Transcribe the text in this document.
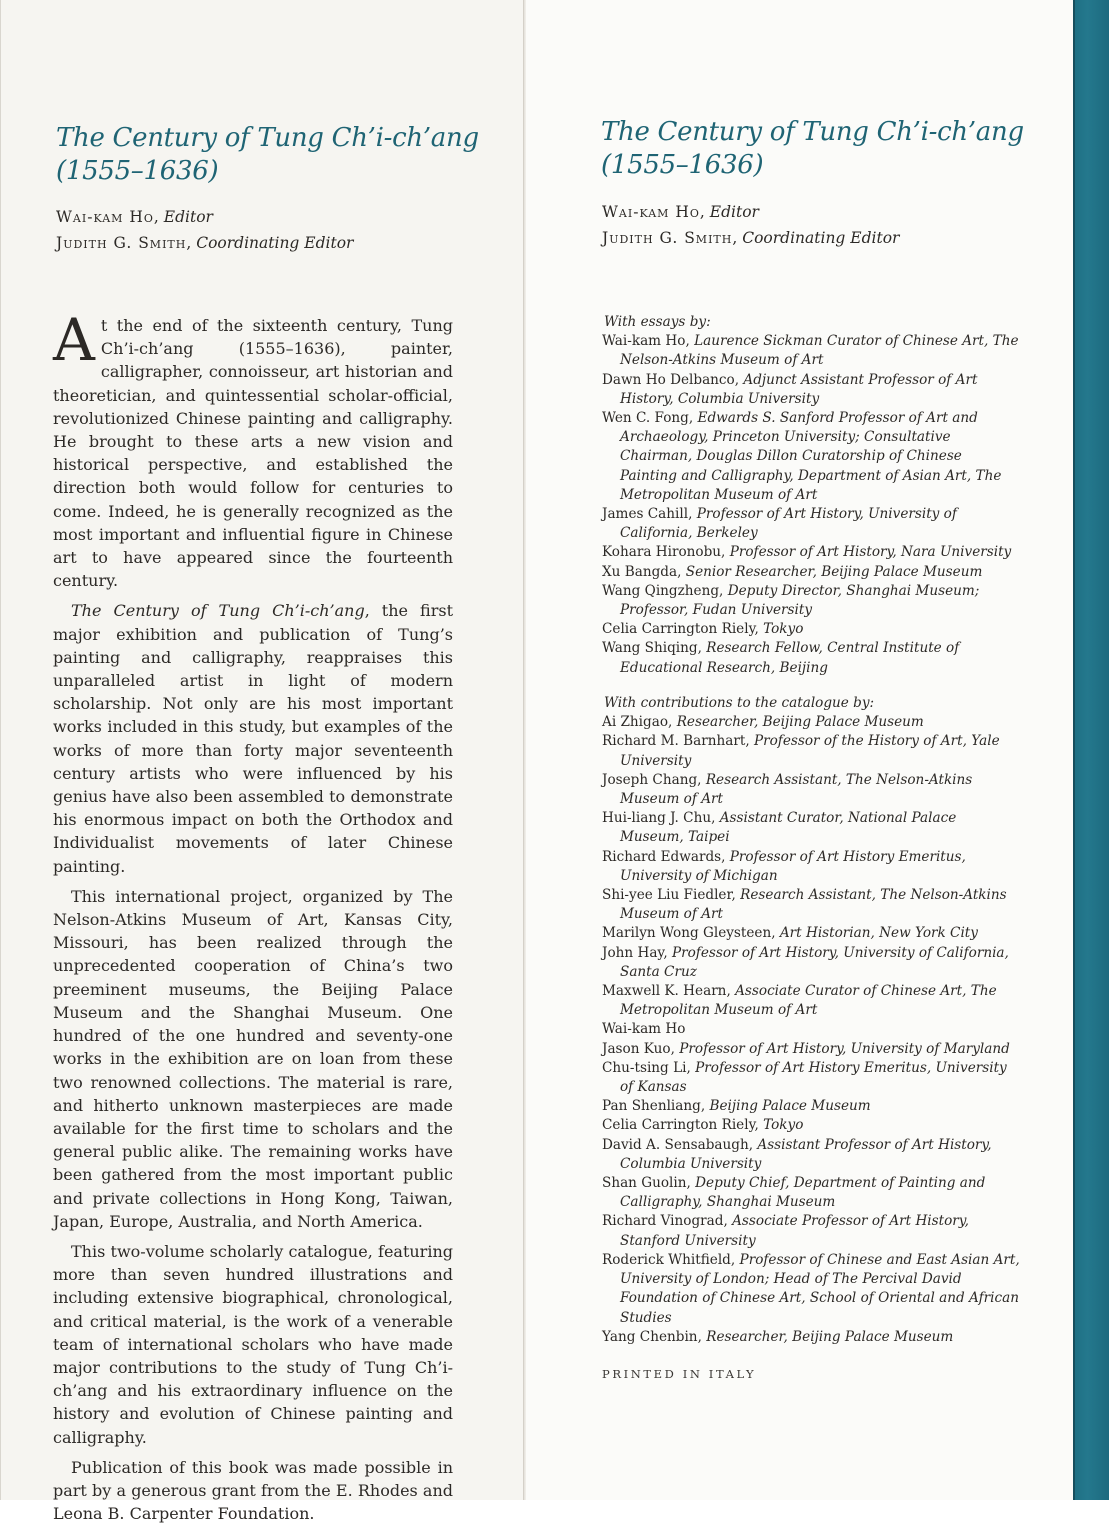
The Century of Tung Ch’i-ch’ang
(1555–1636)
Wai-kam Ho, Editor
Judith G. Smith, Coordinating Editor

At the end of the sixteenth century, Tung Ch’i-ch’ang (1555–1636), painter, calligrapher, connoisseur, art historian and theoretician, and quintessential scholar-official, revolutionized Chinese painting and calligraphy. He brought to these arts a new vision and historical perspective, and established the direction both would follow for centuries to come. Indeed, he is generally recognized as the most important and influential figure in Chinese art to have appeared since the fourteenth century.

The Century of Tung Ch’i-ch’ang, the first major exhibition and publication of Tung’s painting and calligraphy, reappraises this unparalleled artist in light of modern scholarship. Not only are his most important works included in this study, but examples of the works of more than forty major seventeenth century artists who were influenced by his genius have also been assembled to demonstrate his enormous impact on both the Orthodox and Individualist movements of later Chinese painting.

This international project, organized by The Nelson-Atkins Museum of Art, Kansas City, Missouri, has been realized through the unprecedented cooperation of China’s two preeminent museums, the Beijing Palace Museum and the Shanghai Museum. One hundred of the one hundred and seventy-one works in the exhibition are on loan from these two renowned collections. The material is rare, and hitherto unknown masterpieces are made available for the first time to scholars and the general public alike. The remaining works have been gathered from the most important public and private collections in Hong Kong, Taiwan, Japan, Europe, Australia, and North America.

This two-volume scholarly catalogue, featuring more than seven hundred illustrations and including extensive biographical, chronological, and critical material, is the work of a venerable team of international scholars who have made major contributions to the study of Tung Ch’i-ch’ang and his extraordinary influence on the history and evolution of Chinese painting and calligraphy.

Publication of this book was made possible in part by a generous grant from the E. Rhodes and Leona B. Carpenter Foundation.

The Century of Tung Ch’i-ch’ang
(1555–1636)
Wai-kam Ho, Editor
Judith G. Smith, Coordinating Editor
With essays by:
Wai-kam Ho, Laurence Sickman Curator of Chinese Art, The Nelson-Atkins Museum of Art
Dawn Ho Delbanco, Adjunct Assistant Professor of Art History, Columbia University
Wen C. Fong, Edwards S. Sanford Professor of Art and Archaeology, Princeton University; Consultative Chairman, Douglas Dillon Curatorship of Chinese Painting and Calligraphy, Department of Asian Art, The Metropolitan Museum of Art
James Cahill, Professor of Art History, University of California, Berkeley
Kohara Hironobu, Professor of Art History, Nara University
Xu Bangda, Senior Researcher, Beijing Palace Museum
Wang Qingzheng, Deputy Director, Shanghai Museum; Professor, Fudan University
Celia Carrington Riely, Tokyo
Wang Shiqing, Research Fellow, Central Institute of Educational Research, Beijing
With contributions to the catalogue by:
Ai Zhigao, Researcher, Beijing Palace Museum
Richard M. Barnhart, Professor of the History of Art, Yale University
Joseph Chang, Research Assistant, The Nelson-Atkins Museum of Art
Hui-liang J. Chu, Assistant Curator, National Palace Museum, Taipei
Richard Edwards, Professor of Art History Emeritus, University of Michigan
Shi-yee Liu Fiedler, Research Assistant, The Nelson-Atkins Museum of Art
Marilyn Wong Gleysteen, Art Historian, New York City
John Hay, Professor of Art History, University of California, Santa Cruz
Maxwell K. Hearn, Associate Curator of Chinese Art, The Metropolitan Museum of Art
Wai-kam Ho
Jason Kuo, Professor of Art History, University of Maryland
Chu-tsing Li, Professor of Art History Emeritus, University of Kansas
Pan Shenliang, Beijing Palace Museum
Celia Carrington Riely, Tokyo
David A. Sensabaugh, Assistant Professor of Art History, Columbia University
Shan Guolin, Deputy Chief, Department of Painting and Calligraphy, Shanghai Museum
Richard Vinograd, Associate Professor of Art History, Stanford University
Roderick Whitfield, Professor of Chinese and East Asian Art, University of London; Head of The Percival David Foundation of Chinese Art, School of Oriental and African Studies
Yang Chenbin, Researcher, Beijing Palace Museum
PRINTED IN ITALY
